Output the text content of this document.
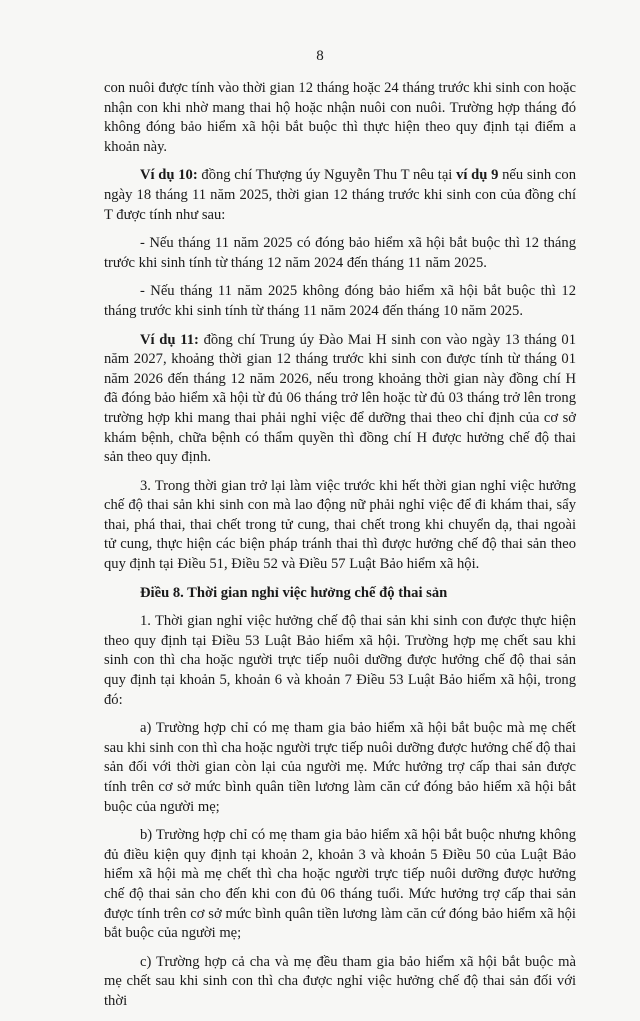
8

con nuôi được tính vào thời gian 12 tháng hoặc 24 tháng trước khi sinh con hoặc nhận con khi nhờ mang thai hộ hoặc nhận nuôi con nuôi. Trường hợp tháng đó không đóng bảo hiểm xã hội bắt buộc thì thực hiện theo quy định tại điểm a khoản này.

Ví dụ 10: đồng chí Thượng úy Nguyễn Thu T nêu tại ví dụ 9 nếu sinh con ngày 18 tháng 11 năm 2025, thời gian 12 tháng trước khi sinh con của đồng chí T được tính như sau:

- Nếu tháng 11 năm 2025 có đóng bảo hiểm xã hội bắt buộc thì 12 tháng trước khi sinh tính từ tháng 12 năm 2024 đến tháng 11 năm 2025.

- Nếu tháng 11 năm 2025 không đóng bảo hiểm xã hội bắt buộc thì 12 tháng trước khi sinh tính từ tháng 11 năm 2024 đến tháng 10 năm 2025.

Ví dụ 11: đồng chí Trung úy Đào Mai H sinh con vào ngày 13 tháng 01 năm 2027, khoảng thời gian 12 tháng trước khi sinh con được tính từ tháng 01 năm 2026 đến tháng 12 năm 2026, nếu trong khoảng thời gian này đồng chí H đã đóng bảo hiểm xã hội từ đủ 06 tháng trở lên hoặc từ đủ 03 tháng trở lên trong trường hợp khi mang thai phải nghỉ việc để dưỡng thai theo chỉ định của cơ sở khám bệnh, chữa bệnh có thẩm quyền thì đồng chí H được hưởng chế độ thai sản theo quy định.

3. Trong thời gian trở lại làm việc trước khi hết thời gian nghỉ việc hưởng chế độ thai sản khi sinh con mà lao động nữ phải nghỉ việc để đi khám thai, sẩy thai, phá thai, thai chết trong tử cung, thai chết trong khi chuyển dạ, thai ngoài tử cung, thực hiện các biện pháp tránh thai thì được hưởng chế độ thai sản theo quy định tại Điều 51, Điều 52 và Điều 57 Luật Bảo hiểm xã hội.

Điều 8. Thời gian nghỉ việc hưởng chế độ thai sản

1. Thời gian nghỉ việc hưởng chế độ thai sản khi sinh con được thực hiện theo quy định tại Điều 53 Luật Bảo hiểm xã hội. Trường hợp mẹ chết sau khi sinh con thì cha hoặc người trực tiếp nuôi dưỡng được hưởng chế độ thai sản quy định tại khoản 5, khoản 6 và khoản 7 Điều 53 Luật Bảo hiểm xã hội, trong đó:

a) Trường hợp chỉ có mẹ tham gia bảo hiểm xã hội bắt buộc mà mẹ chết sau khi sinh con thì cha hoặc người trực tiếp nuôi dưỡng được hưởng chế độ thai sản đối với thời gian còn lại của người mẹ. Mức hưởng trợ cấp thai sản được tính trên cơ sở mức bình quân tiền lương làm căn cứ đóng bảo hiểm xã hội bắt buộc của người mẹ;

b) Trường hợp chỉ có mẹ tham gia bảo hiểm xã hội bắt buộc nhưng không đủ điều kiện quy định tại khoản 2, khoản 3 và khoản 5 Điều 50 của Luật Bảo hiểm xã hội mà mẹ chết thì cha hoặc người trực tiếp nuôi dưỡng được hưởng chế độ thai sản cho đến khi con đủ 06 tháng tuổi. Mức hưởng trợ cấp thai sản được tính trên cơ sở mức bình quân tiền lương làm căn cứ đóng bảo hiểm xã hội bắt buộc của người mẹ;

c) Trường hợp cả cha và mẹ đều tham gia bảo hiểm xã hội bắt buộc mà mẹ chết sau khi sinh con thì cha được nghỉ việc hưởng chế độ thai sản đối với thời
